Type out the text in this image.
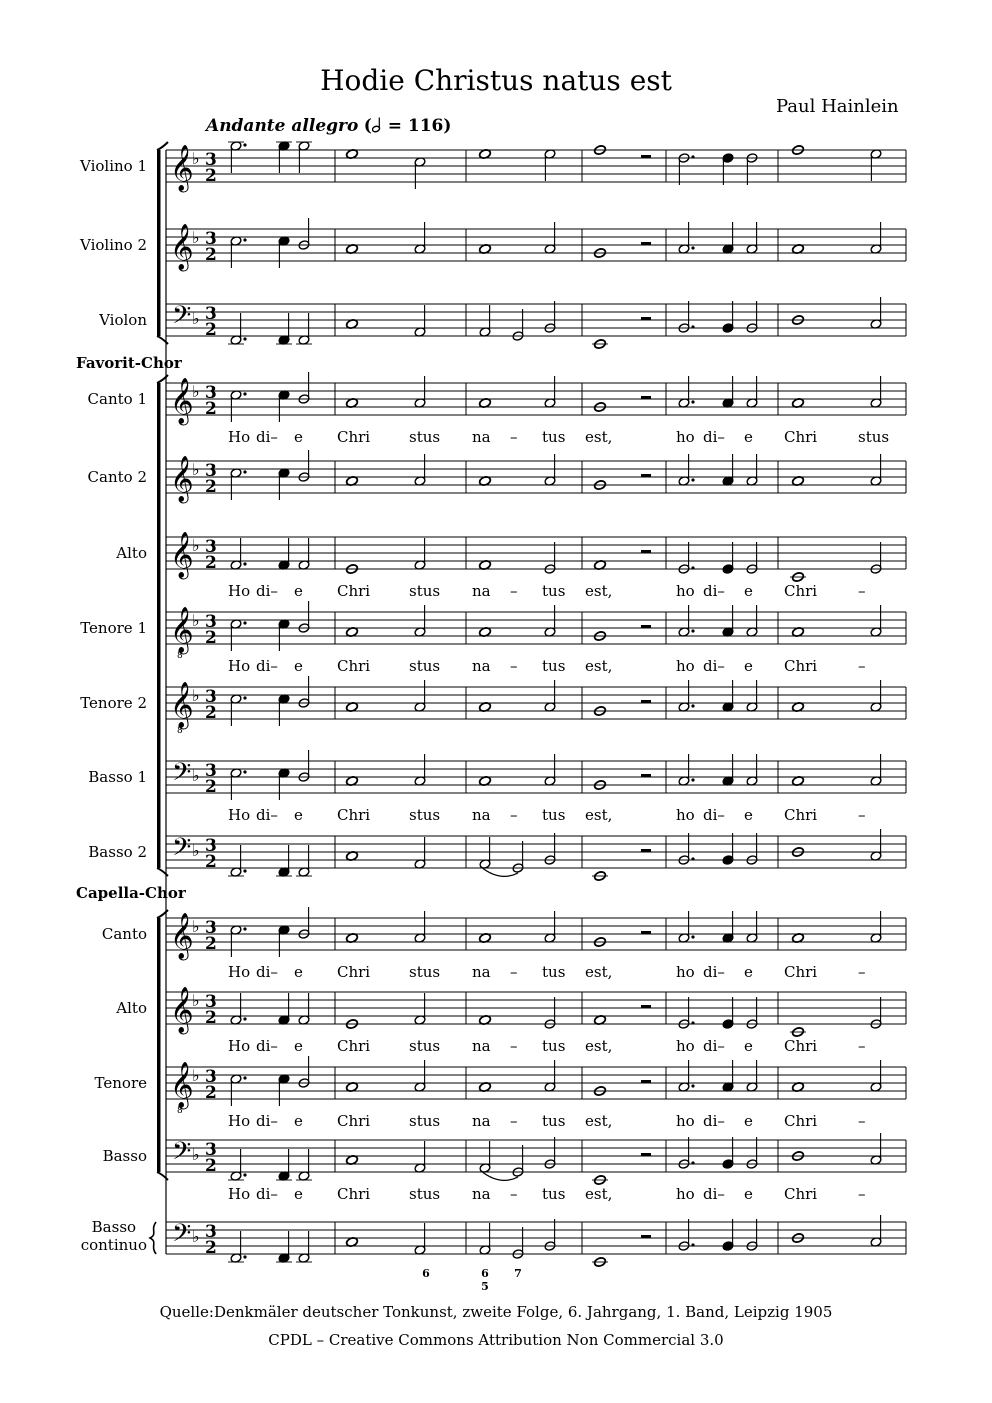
Hodie Christus natus est
Paul Hainlein
Andante allegro ( = 116)
𝄞
♭ 3
2
𝄞
♭ 3
2
𝄢 ♭ 3
2
𝄞
♭ 3
2
𝄞
♭ 3
2
𝄞
♭ 3
2
𝄞
8
♭ 3
2
𝄞
8
♭ 3
2
𝄢 ♭ 3
2
𝄢 ♭ 3
2
𝄞
♭ 3
2
𝄞
♭ 3
2
𝄞
8
♭ 3
2
𝄢 ♭ 3
2
𝄢 ♭ 3
2
6	6
5
7
Favorit-Chor
Capella-Chor
Violino 1
Violino 2
Violon
Canto 1
Canto 2
Alto
Tenore 1
Tenore 2
Basso 1
Basso 2
Canto
Alto
Tenore
Basso
Basso
continuo
Ho di– e Chri	stus na – tus est,	ho di– e Chri	stus
Ho di– e Chri	stus na – tus est,	ho di– e Chri	–
Ho di– e Chri	stus na – tus est,	ho di– e Chri	–
Ho di– e Chri	stus na – tus est,	ho di– e Chri	–
Ho di– e Chri	stus na – tus est,	ho di– e Chri	–
Ho di– e Chri	stus na – tus est,	ho di– e Chri	–
Ho di– e Chri	stus na – tus est,	ho di– e Chri	–
Ho di– e Chri	stus na – tus est,	ho di– e Chri	–
Quelle:Denkmäler deutscher Tonkunst, zweite Folge, 6. Jahrgang, 1. Band, Leipzig 1905
CPDL – Creative Commons Attribution Non Commercial 3.0
